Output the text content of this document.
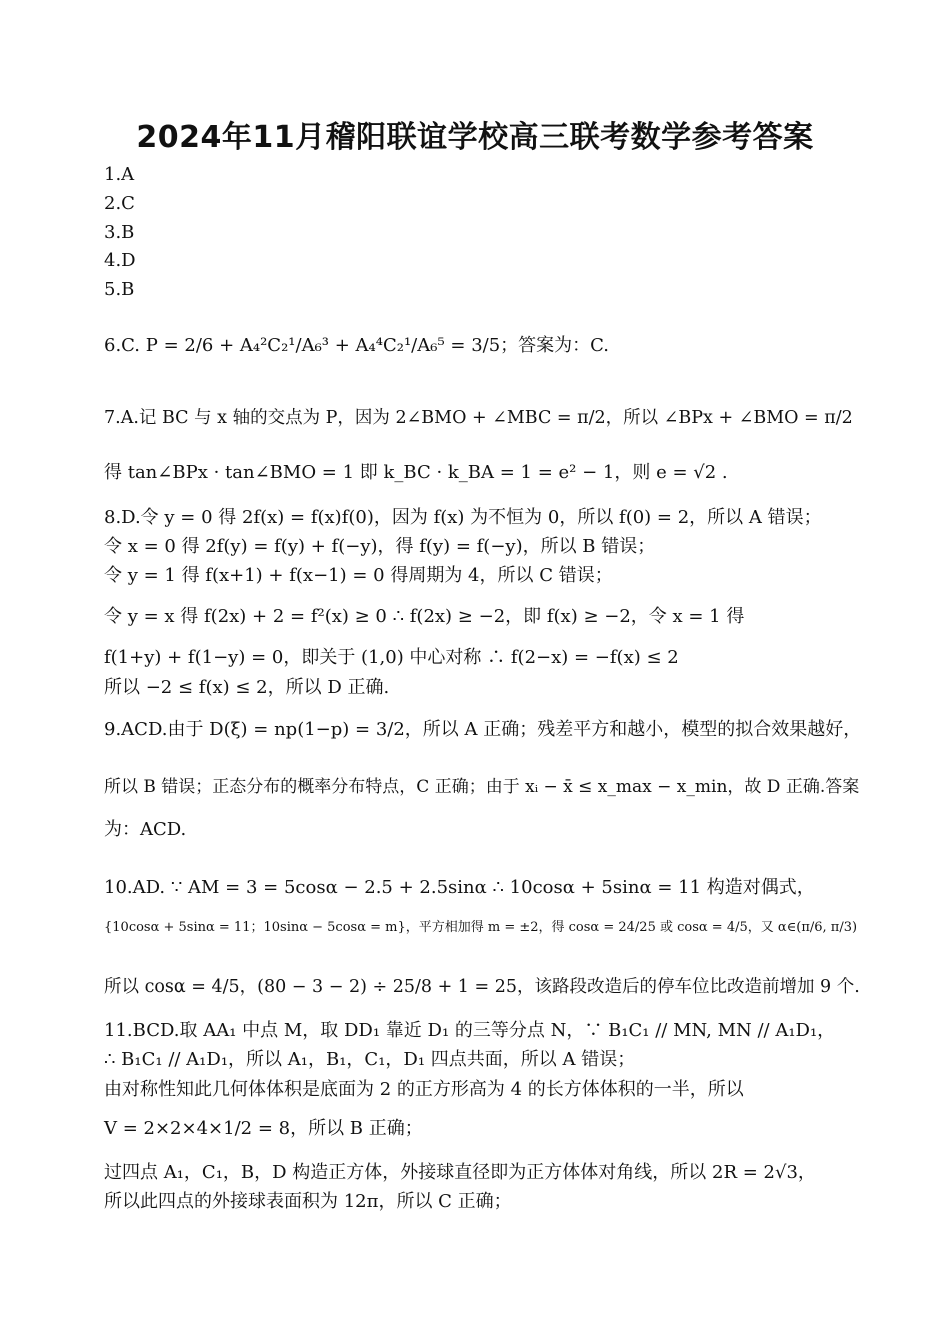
2024年11月稽阳联谊学校高三联考数学参考答案
1.A
2.C
3.B
4.D
5.B
6.C. P = 2/6 + A₄²C₂¹/A₆³ + A₄⁴C₂¹/A₆⁵ = 3/5；答案为：C.
7.A.记 BC 与 x 轴的交点为 P，因为 2∠BMO + ∠MBC = π/2，所以 ∠BPx + ∠BMO = π/2
得 tan∠BPx · tan∠BMO = 1 即 k_BC · k_BA = 1 = e² − 1，则 e = √2 .
8.D.令 y = 0 得 2f(x) = f(x)f(0)，因为 f(x) 为不恒为 0，所以 f(0) = 2，所以 A 错误；
令 x = 0 得 2f(y) = f(y) + f(−y)，得 f(y) = f(−y)，所以 B 错误；
令 y = 1 得 f(x+1) + f(x−1) = 0 得周期为 4，所以 C 错误；
令 y = x 得 f(2x) + 2 = f²(x) ≥ 0 ∴ f(2x) ≥ −2，即 f(x) ≥ −2，令 x = 1 得
f(1+y) + f(1−y) = 0，即关于 (1,0) 中心对称 ∴ f(2−x) = −f(x) ≤ 2
所以 −2 ≤ f(x) ≤ 2，所以 D 正确.
9.ACD.由于 D(ξ) = np(1−p) = 3/2，所以 A 正确；残差平方和越小，模型的拟合效果越好，
所以 B 错误；正态分布的概率分布特点，C 正确；由于 xᵢ − x̄ ≤ x_max − x_min，故 D 正确.答案
为：ACD.
10.AD. ∵ AM = 3 = 5cosα − 2.5 + 2.5sinα ∴ 10cosα + 5sinα = 11 构造对偶式，
{10cosα + 5sinα = 11；10sinα − 5cosα = m}，平方相加得 m = ±2，得 cosα = 24/25 或 cosα = 4/5，又 α∈(π/6, π/3)
所以 cosα = 4/5，(80 − 3 − 2) ÷ 25/8 + 1 = 25，该路段改造后的停车位比改造前增加 9 个.
11.BCD.取 AA₁ 中点 M，取 DD₁ 靠近 D₁ 的三等分点 N，∵ B₁C₁ // MN, MN // A₁D₁，
∴ B₁C₁ // A₁D₁，所以 A₁，B₁，C₁，D₁ 四点共面，所以 A 错误；
由对称性知此几何体体积是底面为 2 的正方形高为 4 的长方体体积的一半，所以
V = 2×2×4×1/2 = 8，所以 B 正确；
过四点 A₁，C₁，B，D 构造正方体，外接球直径即为正方体体对角线，所以 2R = 2√3，
所以此四点的外接球表面积为 12π，所以 C 正确；
